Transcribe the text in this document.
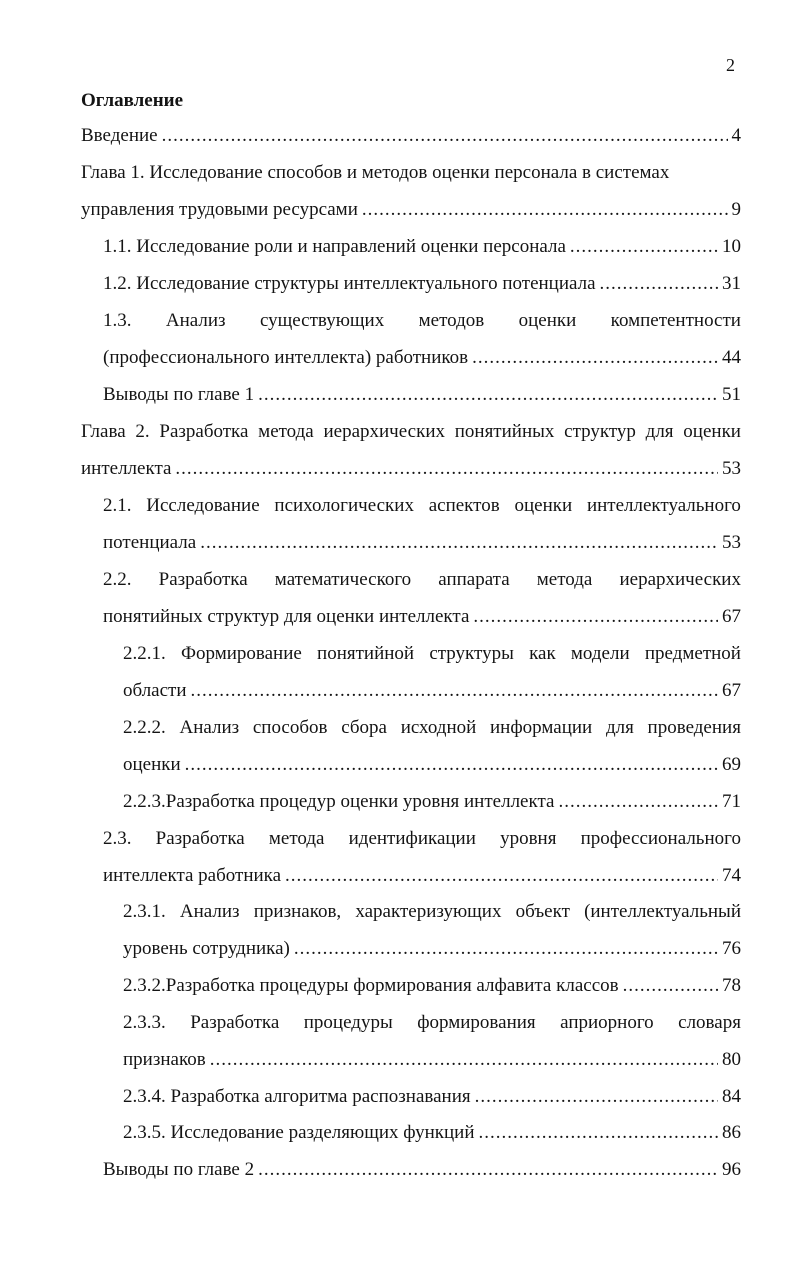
2
Оглавление
Введение .....	4
Глава 1. Исследование способов и методов оценки персонала в системах
управления трудовыми ресурсами .....	9
1.1. Исследование роли и направлений оценки персонала .....	10
1.2. Исследование структуры интеллектуального потенциала .....	31
1.3. Анализ существующих методов оценки компетентности
(профессионального интеллекта) работников .....	44
Выводы по главе 1 .....	51
Глава 2. Разработка метода иерархических понятийных структур для оценки
интеллекта .....	53
2.1. Исследование психологических аспектов оценки интеллектуального
потенциала .....	53
2.2. Разработка математического аппарата метода иерархических
понятийных структур для оценки интеллекта .....	67
2.2.1. Формирование понятийной структуры как модели предметной
области .....	67
2.2.2. Анализ способов сбора исходной информации для проведения
оценки .....	69
2.2.3.Разработка процедур оценки уровня интеллекта .....	71
2.3. Разработка метода идентификации уровня профессионального
интеллекта работника .....	74
2.3.1. Анализ признаков, характеризующих объект (интеллектуальный
уровень сотрудника) .....	76
2.3.2.Разработка процедуры формирования алфавита классов .....	78
2.3.3. Разработка процедуры формирования априорного словаря
признаков .....	80
2.3.4. Разработка алгоритма распознавания .....	84
2.3.5. Исследование разделяющих функций .....	86
Выводы по главе 2 .....	96
